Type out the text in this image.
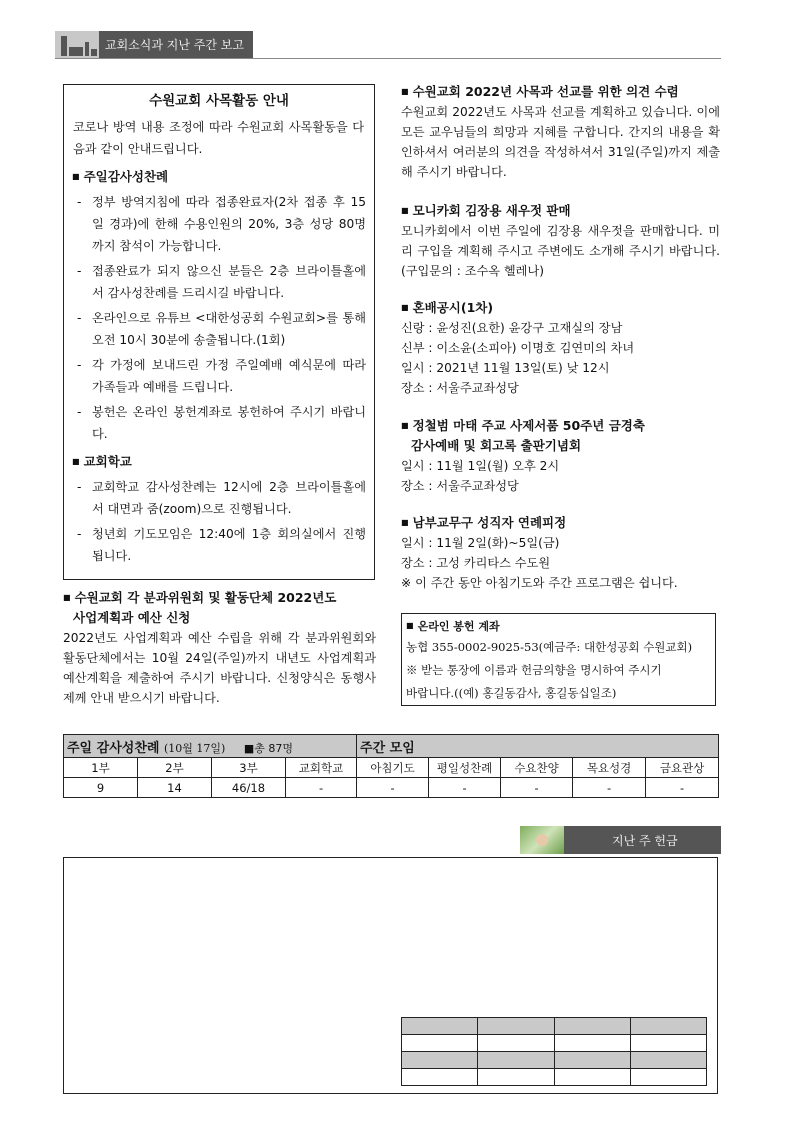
교회소식과 지난 주간 보고
수원교회 사목활동 안내

코로나 방역 내용 조정에 따라 수원교회 사목활동을 다음과 같이 안내드립니다.

■ 주일감사성찬례
- 정부 방역지침에 따라 접종완료자(2차 접종 후 15일 경과)에 한해 수용인원의 20%, 3층 성당 80명까지 참석이 가능합니다.
- 접종완료가 되지 않으신 분들은 2층 브라이틀홀에서 감사성찬례를 드리시길 바랍니다.
- 온라인으로 유튜브 <대한성공회 수원교회>를 통해 오전 10시 30분에 송출됩니다.(1회)
- 각 가정에 보내드린 가정 주일예배 예식문에 따라 가족들과 예배를 드립니다.
- 봉헌은 온라인 봉헌계좌로 봉헌하여 주시기 바랍니다.
■ 교회학교
- 교회학교 감사성찬례는 12시에 2층 브라이틀홀에서 대면과 줌(zoom)으로 진행됩니다.
- 청년회 기도모임은 12:40에 1층 회의실에서 진행됩니다.
■ 수원교회 각 분과위원회 및 활동단체 2022년도
사업계획과 예산 신청
2022년도 사업계획과 예산 수립을 위해 각 분과위원회와 활동단체에서는 10월 24일(주일)까지 내년도 사업계획과 예산계획을 제출하여 주시기 바랍니다. 신청양식은 동행사제께 안내 받으시기 바랍니다.
■ 수원교회 2022년 사목과 선교를 위한 의견 수렴
수원교회 2022년도 사목과 선교를 계획하고 있습니다. 이에 모든 교우님들의 희망과 지혜를 구합니다. 간지의 내용을 확인하셔서 여러분의 의견을 작성하셔서 31일(주일)까지 제출해 주시기 바랍니다.
■ 모니카회 김장용 새우젓 판매
모니카회에서 이번 주일에 김장용 새우젓을 판매합니다. 미리 구입을 계획해 주시고 주변에도 소개해 주시기 바랍니다.(구입문의 : 조수옥 헬레나)
■ 혼배공시(1차)
신랑 : 윤성진(요한) 윤강구 고재실의 장남
신부 : 이소윤(소피아) 이명호 김연미의 차녀
일시 : 2021년 11월 13일(토) 낮 12시
장소 : 서울주교좌성당
■ 정철범 마태 주교 사제서품 50주년 금경축
감사예배 및 회고록 출판기념회
일시 : 11월 1일(월) 오후 2시
장소 : 서울주교좌성당
■ 남부교무구 성직자 연례피정
일시 : 11월 2일(화)~5일(금)
장소 : 고성 카리타스 수도원
※ 이 주간 동안 아침기도와 주간 프로그램은 쉽니다.
■ 온라인 봉헌 계좌
농협 355-0002-9025-53(예금주: 대한성공회 수원교회)
※ 받는 통장에 이름과 헌금의향을 명시하여 주시기
바랍니다.((예) 홍길동감사, 홍길동십일조)
주일 감사성찬례 (10월 17일) ■총 87명				주간 모임				
1부	2부	3부	교회학교	아침기도	평일성찬례	수요찬양	목요성경	금요관상
9	14	46/18	-	-	-	-	-	-
지난 주 헌금
